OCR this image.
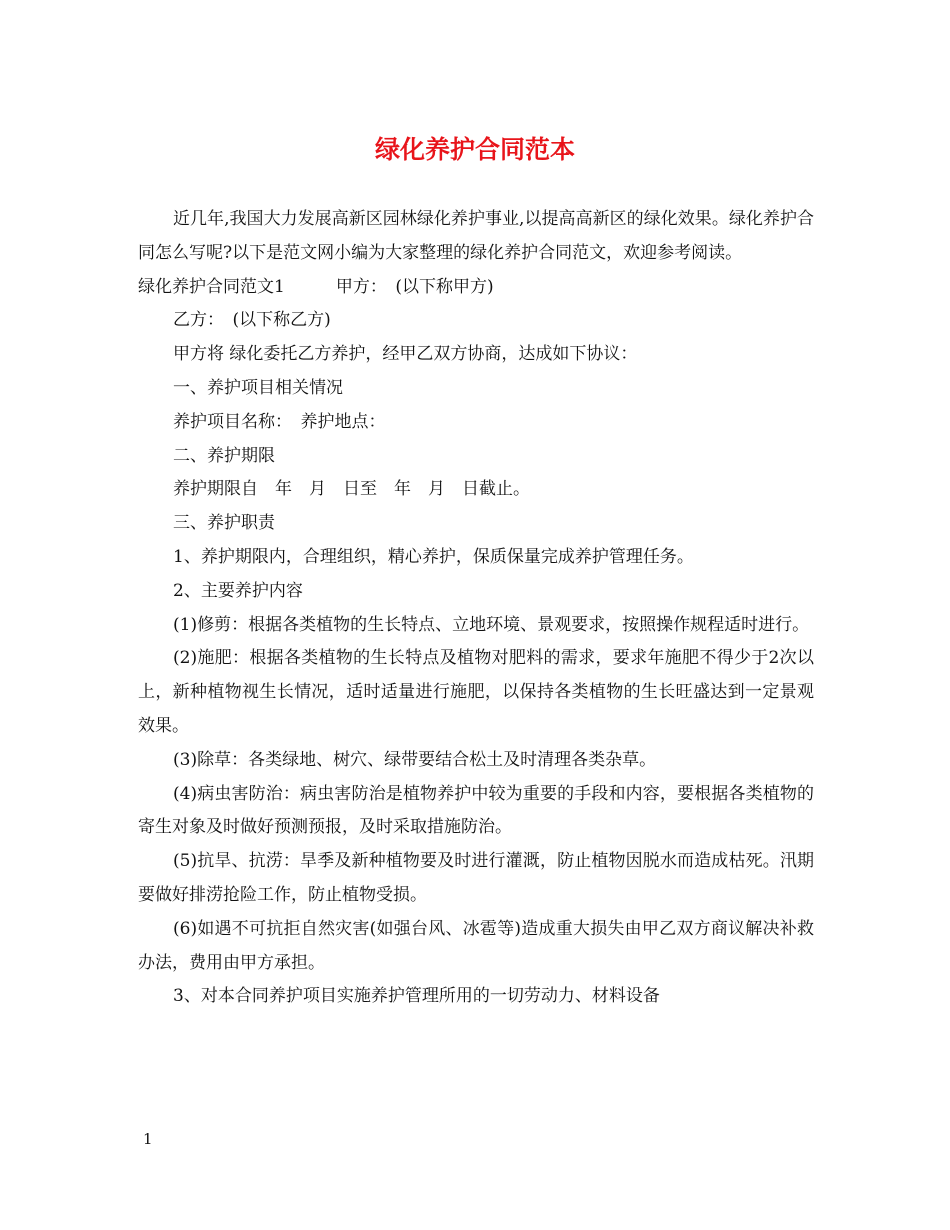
绿化养护合同范本

近几年,我国大力发展高新区园林绿化养护事业,以提高高新区的绿化效果。绿化养护合同怎么写呢?以下是范文网小编为大家整理的绿化养护合同范文，欢迎参考阅读。

绿化养护合同范文1　　　甲方：　(以下称甲方)

乙方：　(以下称乙方)

甲方将 绿化委托乙方养护，经甲乙双方协商，达成如下协议：

一、养护项目相关情况

养护项目名称：　养护地点：

二、养护期限

养护期限自　年　月　日至　年　月　日截止。

三、养护职责

1、养护期限内，合理组织，精心养护，保质保量完成养护管理任务。

2、主要养护内容

(1)修剪：根据各类植物的生长特点、立地环境、景观要求，按照操作规程适时进行。

(2)施肥：根据各类植物的生长特点及植物对肥料的需求，要求年施肥不得少于2次以上，新种植物视生长情况，适时适量进行施肥，以保持各类植物的生长旺盛达到一定景观效果。

(3)除草：各类绿地、树穴、绿带要结合松土及时清理各类杂草。

(4)病虫害防治：病虫害防治是植物养护中较为重要的手段和内容，要根据各类植物的寄生对象及时做好预测预报，及时采取措施防治。

(5)抗旱、抗涝：旱季及新种植物要及时进行灌溉，防止植物因脱水而造成枯死。汛期要做好排涝抢险工作，防止植物受损。

(6)如遇不可抗拒自然灾害(如强台风、冰雹等)造成重大损失由甲乙双方商议解决补救办法，费用由甲方承担。

3、对本合同养护项目实施养护管理所用的一切劳动力、材料设备

1
